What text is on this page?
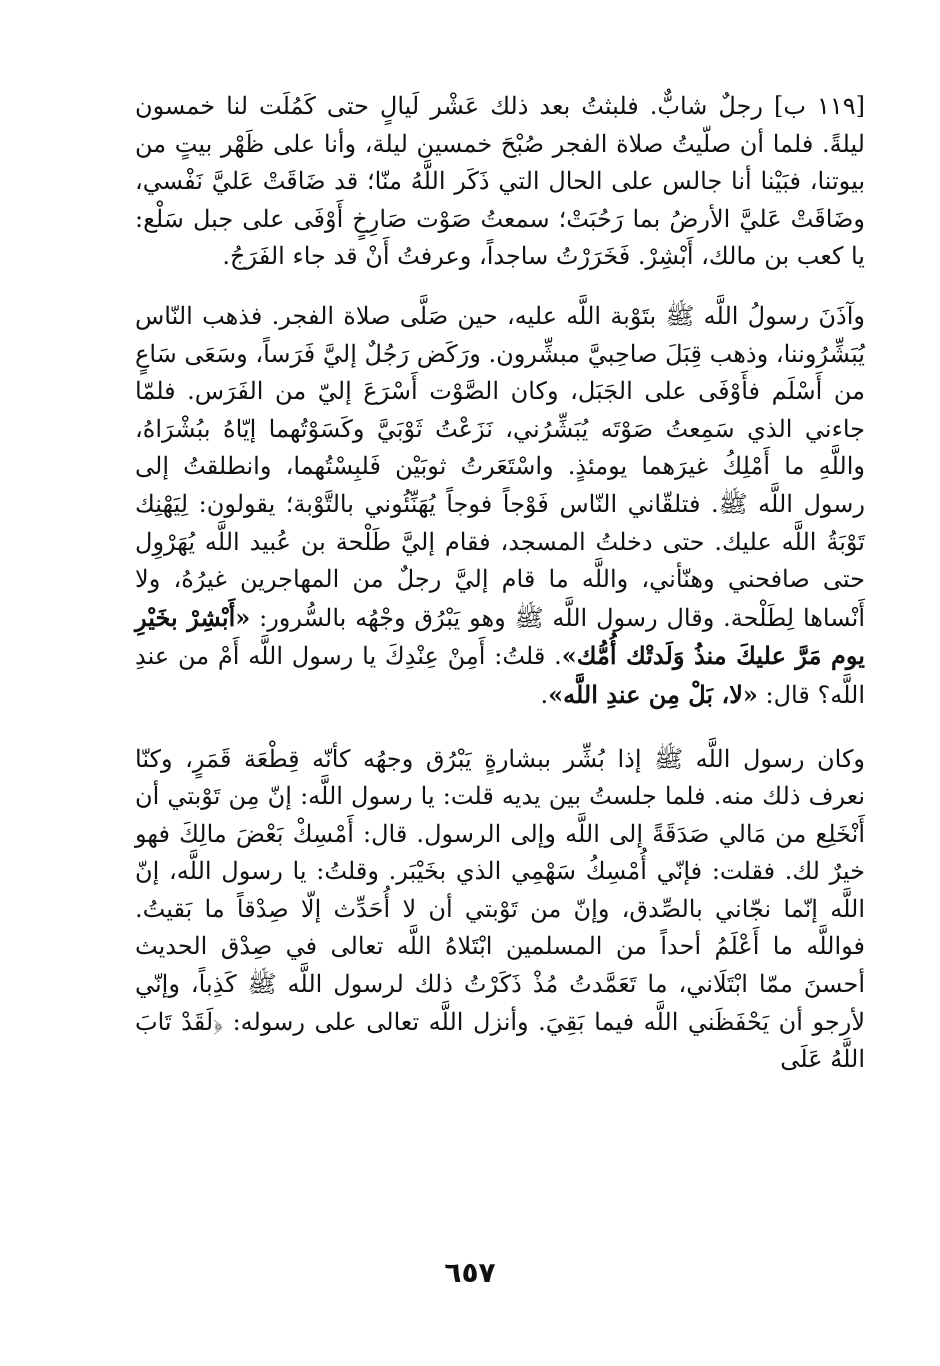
[١١٩ ب] رجلٌ شابٌّ. فلبثتُ بعد ذلك عَشْر لَيالٍ حتى كَمُلَت لنا خمسون ليلةً. فلما أن صلّيتُ صلاة الفجر صُبْحَ خمسين ليلة، وأنا على ظَهْر بيتٍ من بيوتنا، فبَيْنا أنا جالس على الحال التي ذَكَر اللَّهُ منّا؛ قد ضَاقَتْ عَليَّ نَفْسي، وضَاقَتْ عَليَّ الأرضُ بما رَحُبَتْ؛ سمعتُ صَوْت صَارِخٍ أَوْفَى على جبل سَلْع: يا كعب بن مالك، أَبْشِرْ. فَخَرَرْتُ ساجداً، وعرفتُ أَنْ قد جاء الفَرَجُ.

وآذَنَ رسولُ اللَّه ﷺ بتَوْبة اللَّه عليه، حين صَلَّى صلاة الفجر. فذهب النّاس يُبَشِّرُوننا، وذهب قِبَلَ صاحِبيَّ مبشِّرون. ورَكَض رَجُلٌ إليَّ فَرَساً، وسَعَى سَاعٍ من أَسْلَم فأَوْفَى على الجَبَل، وكان الصَّوْت أَسْرَعَ إليّ من الفَرَس. فلمّا جاءني الذي سَمِعتُ صَوْتَه يُبَشِّرُني، نَزَعْتُ ثَوْبَيَّ وكَسَوْتُهما إيّاهُ ببُشْرَاهُ، واللَّهِ ما أَمْلِكُ غيرَهما يومئذٍ. واسْتَعَرتُ ثوبَيْن فَلبِسْتُهما، وانطلقتُ إلى رسول اللَّه ﷺ. فتلقّاني النّاس فَوْجاً فوجاً يُهَنِّئُوني بالتَّوْبة؛ يقولون: لِيَهْنِك تَوْبَةُ اللَّه عليك. حتى دخلتُ المسجد، فقام إليَّ طَلْحة بن عُبيد اللَّه يُهَرْوِل حتى صافحني وهنّأني، واللَّه ما قام إليَّ رجلٌ من المهاجرين غيرُهُ، ولا أَنْساها لِطَلْحة. وقال رسول اللَّه ﷺ وهو يَبْرُق وجْهُه بالسُّرور: «أَبْشِرْ بخَيْرِ يوم مَرَّ عليكَ منذُ وَلَدتْك أُمُّك». قلتُ: أَمِنْ عِنْدِكَ يا رسول اللَّه أَمْ من عندِ اللَّه؟ قال: «لا، بَلْ مِن عندِ اللَّه».

وكان رسول اللَّه ﷺ إذا بُشِّر ببشارةٍ يَبْرُق وجهُه كأنّه قِطْعَة قَمَرٍ، وكنّا نعرف ذلك منه. فلما جلستُ بين يديه قلت: يا رسول اللَّه: إنّ مِن تَوْبتي أن أَنْخَلِع من مَالي صَدَقَةً إلى اللَّه وإلى الرسول. قال: أَمْسِكْ بَعْضَ مالِكَ فهو خيرٌ لك. فقلت: فإنّي أُمْسِكُ سَهْمِي الذي بخَيْبَر. وقلتُ: يا رسول اللَّه، إنّ اللَّه إنّما نجّاني بالصِّدق، وإنّ من تَوْبتي أن لا أُحَدِّث إلّا صِدْقاً ما بَقيتُ. فواللَّه ما أَعْلَمُ أحداً من المسلمين ابْتَلاهُ اللَّه تعالى في صِدْق الحديث أحسنَ ممّا ابْتَلَاني، ما تَعَمَّدتُ مُذْ ذَكَرْتُ ذلك لرسول اللَّه ﷺ كَذِباً، وإنّي لأرجو أن يَحْفَظَني اللَّه فيما بَقِيَ. وأنزل اللَّه تعالى على رسوله: ﴿لَقَدْ تَابَ اللَّهُ عَلَى

٦٥٧
